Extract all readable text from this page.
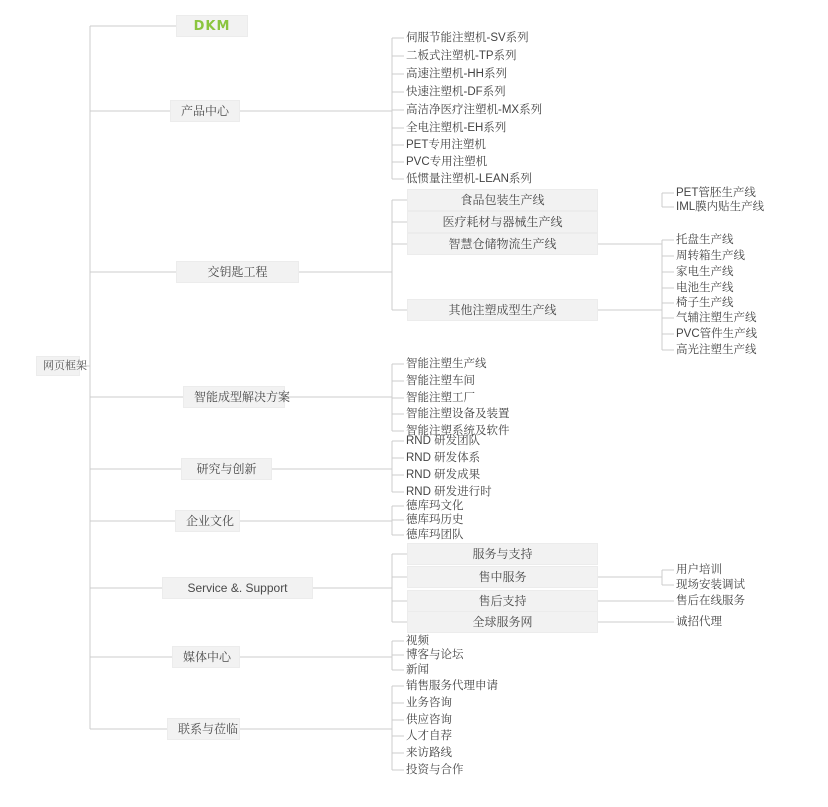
网页框架
DKM
产品中心
伺服节能注塑机-SV系列
二板式注塑机-TP系列
高速注塑机-HH系列
快速注塑机-DF系列
高洁净医疗注塑机-MX系列
全电注塑机-EH系列
PET专用注塑机
PVC专用注塑机
低惯量注塑机-LEAN系列
交钥匙工程
食品包装生产线
医疗耗材与器械生产线
智慧仓储物流生产线
其他注塑成型生产线
PET管胚生产线
IML膜内贴生产线
托盘生产线
周转箱生产线
家电生产线
电池生产线
椅子生产线
气辅注塑生产线
PVC管件生产线
高光注塑生产线
智能成型解决方案
智能注塑生产线
智能注塑车间
智能注塑工厂
智能注塑设备及装置
智能注塑系统及软件
研究与创新
RND 研发团队
RND 研发体系
RND 研发成果
RND 研发进行时
企业文化
德库玛文化
德库玛历史
德库玛团队
Service &. Support
服务与支持
售中服务
售后支持
全球服务网
用户培训
现场安装调试
售后在线服务
诚招代理
媒体中心
视频
博客与论坛
新闻
联系与莅临
销售服务代理申请
业务咨询
供应咨询
人才自荐
来访路线
投资与合作
